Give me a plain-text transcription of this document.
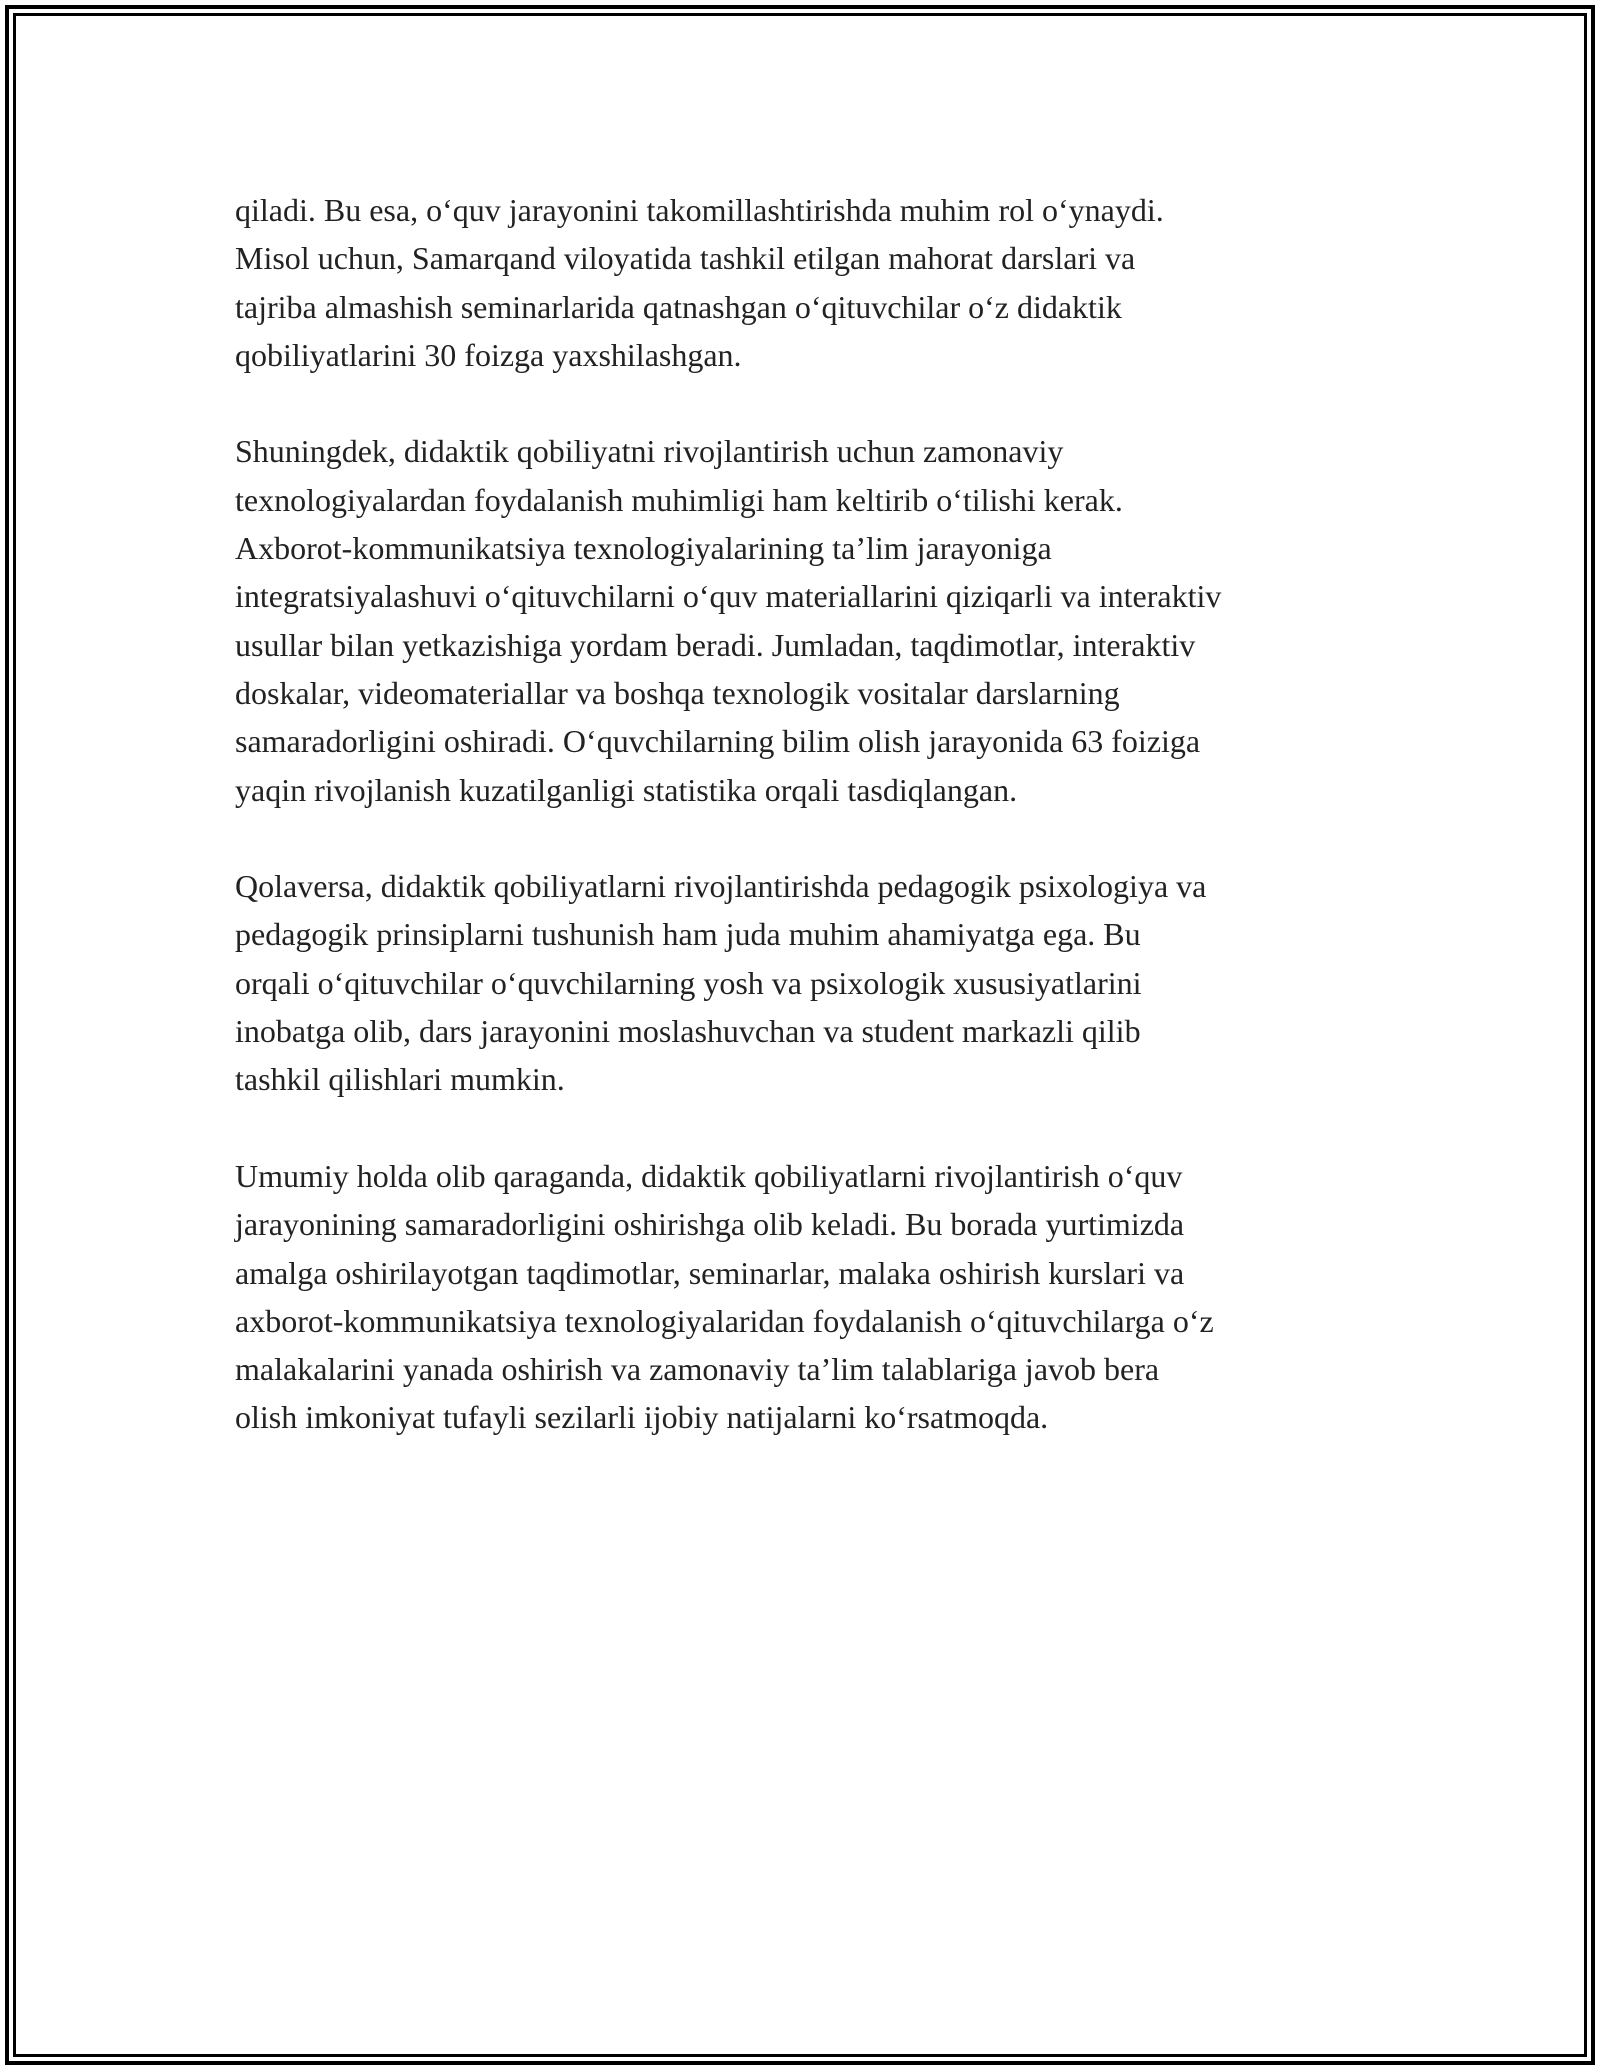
qiladi. Bu esa, o‘quv jarayonini takomillashtirishda muhim rol o‘ynaydi.
Misol uchun, Samarqand viloyatida tashkil etilgan mahorat darslari va
tajriba almashish seminarlarida qatnashgan o‘qituvchilar o‘z didaktik
qobiliyatlarini 30 foizga yaxshilashgan.

Shuningdek, didaktik qobiliyatni rivojlantirish uchun zamonaviy
texnologiyalardan foydalanish muhimligi ham keltirib o‘tilishi kerak.
Axborot-kommunikatsiya texnologiyalarining ta’lim jarayoniga
integratsiyalashuvi o‘qituvchilarni o‘quv materiallarini qiziqarli va interaktiv
usullar bilan yetkazishiga yordam beradi. Jumladan, taqdimotlar, interaktiv
doskalar, videomateriallar va boshqa texnologik vositalar darslarning
samaradorligini oshiradi. O‘quvchilarning bilim olish jarayonida 63 foiziga
yaqin rivojlanish kuzatilganligi statistika orqali tasdiqlangan.

Qolaversa, didaktik qobiliyatlarni rivojlantirishda pedagogik psixologiya va
pedagogik prinsiplarni tushunish ham juda muhim ahamiyatga ega. Bu
orqali o‘qituvchilar o‘quvchilarning yosh va psixologik xususiyatlarini
inobatga olib, dars jarayonini moslashuvchan va student markazli qilib
tashkil qilishlari mumkin.

Umumiy holda olib qaraganda, didaktik qobiliyatlarni rivojlantirish o‘quv
jarayonining samaradorligini oshirishga olib keladi. Bu borada yurtimizda
amalga oshirilayotgan taqdimotlar, seminarlar, malaka oshirish kurslari va
axborot-kommunikatsiya texnologiyalaridan foydalanish o‘qituvchilarga o‘z
malakalarini yanada oshirish va zamonaviy ta’lim talablariga javob bera
olish imkoniyat tufayli sezilarli ijobiy natijalarni ko‘rsatmoqda.
